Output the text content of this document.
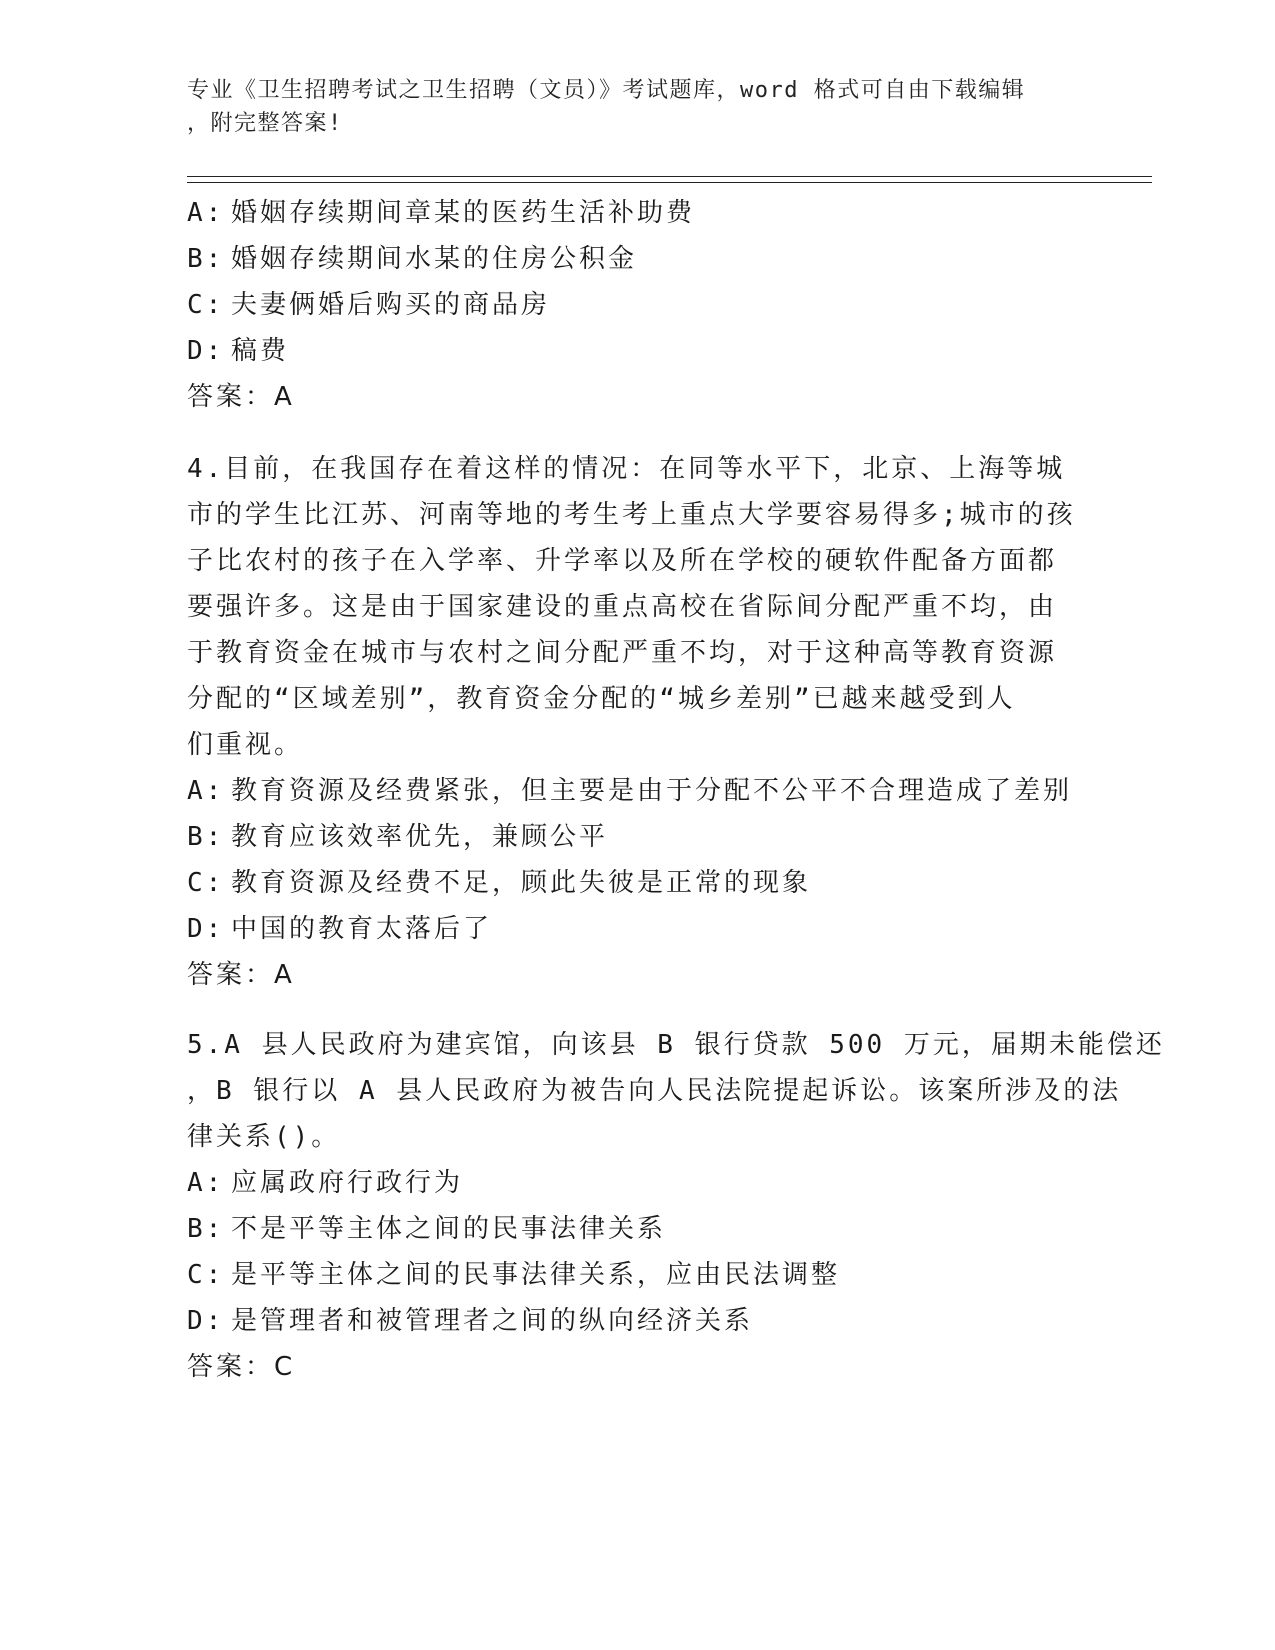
专业《卫生招聘考试之卫生招聘（文员）》考试题库，word 格式可自由下载编辑
，附完整答案!
A: 婚姻存续期间章某的医药生活补助费
B: 婚姻存续期间水某的住房公积金
C: 夫妻俩婚后购买的商品房
D: 稿费
答案：A
4.目前，在我国存在着这样的情况：在同等水平下，北京、上海等城
市的学生比江苏、河南等地的考生考上重点大学要容易得多;城市的孩
子比农村的孩子在入学率、升学率以及所在学校的硬软件配备方面都
要强许多。这是由于国家建设的重点高校在省际间分配严重不均，由
于教育资金在城市与农村之间分配严重不均，对于这种高等教育资源
分配的“区域差别”，教育资金分配的“城乡差别”已越来越受到人
们重视。
A: 教育资源及经费紧张，但主要是由于分配不公平不合理造成了差别
B: 教育应该效率优先，兼顾公平
C: 教育资源及经费不足，顾此失彼是正常的现象
D: 中国的教育太落后了
答案：A
5.A 县人民政府为建宾馆，向该县 B 银行贷款 500 万元，届期未能偿还
，B 银行以 A 县人民政府为被告向人民法院提起诉讼。该案所涉及的法
律关系()。
A: 应属政府行政行为
B: 不是平等主体之间的民事法律关系
C: 是平等主体之间的民事法律关系，应由民法调整
D: 是管理者和被管理者之间的纵向经济关系
答案：C
